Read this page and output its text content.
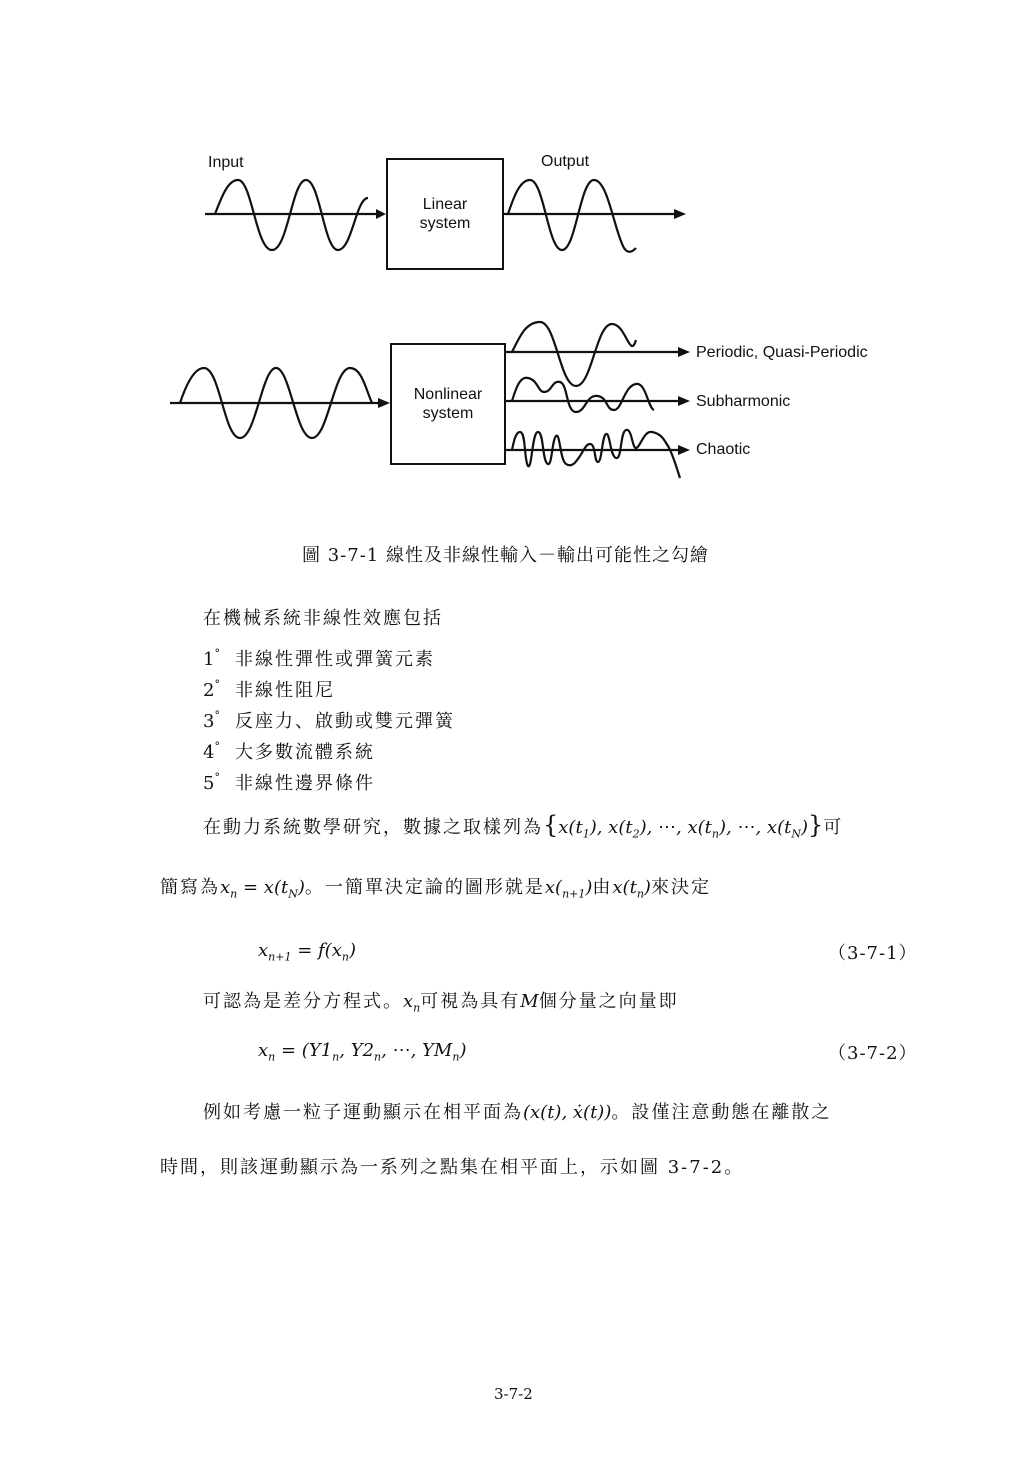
Input	Output
Linear
system
Nonlinear
system
Periodic, Quasi-Periodic
Subharmonic
Chaotic
圖 3-7-1 線性及非線性輸入－輸出可能性之勾繪
在機械系統非線性效應包括
1° 非線性彈性或彈簧元素
2° 非線性阻尼
3° 反座力、啟動或雙元彈簧
4° 大多數流體系統
5° 非線性邊界條件
在動力系統數學研究，數據之取樣列為{$x(t_1)$, $x(t_2)$, ⋯, $x(t_n)$, ⋯, $x(t_N)$}可
簡寫為$x_n = x(t_N)$。一簡單決定論的圖形就是$x(_{n+1})$由$x(t_n)$來決定
$x_{n+1} = f(x_n)$	（3-7-1）
可認為是差分方程式。$x_n$可視為具有M個分量之向量即
$x_n = (Y1_n$, $Y2_n$, ⋯, $YM_n$)	（3-7-2）
例如考慮一粒子運動顯示在相平面為(x(t), ẋ(t))。設僅注意動態在離散之
時間，則該運動顯示為一系列之點集在相平面上，示如圖 3-7-2。
3-7-2
